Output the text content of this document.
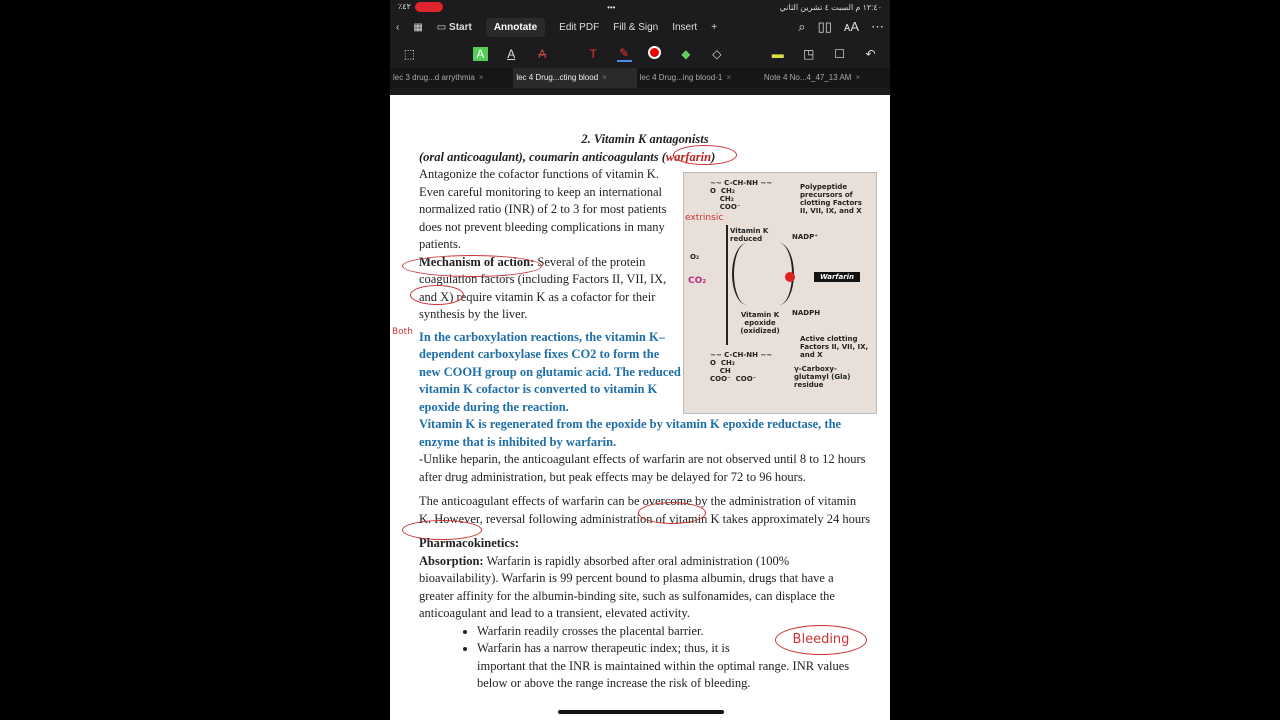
٪٤٢	•••	١٢:٤٠ م السبت ٤ تشرين الثاني
‹ ▦ ▭ Start	Annotate	Edit PDF Fill & Sign Insert +	⌕ ▯▯ ᴀA ⋯
⬚	A A A	T	✎	◆ ◇	▬ ◳ ☐ ↶
lec 3 drug...d arrythmia ×	lec 4 Drug...cting blood ×	lec 4 Drug...ing blood-1 ×	Note 4 No...4_47_13 AM ×

2. Vitamin K antagonists

(oral anticoagulant), coumarin anticoagulants (warfarin)

Antagonize the cofactor functions of vitamin K. Even careful monitoring to keep an international normalized ratio (INR) of 2 to 3 for most patients does not prevent bleeding complications in many patients.

Mechanism of action: Several of the protein coagulation factors (including Factors II, VII, IX, and X) require vitamin K as a cofactor for their synthesis by the liver.

In the carboxylation reactions, the vitamin K–dependent carboxylase fixes CO2 to form the new COOH group on glutamic acid. The reduced vitamin K cofactor is converted to vitamin K epoxide during the reaction.

Vitamin K is regenerated from the epoxide by vitamin K epoxide reductase, the enzyme that is inhibited by warfarin.

-Unlike heparin, the anticoagulant effects of warfarin are not observed until 8 to 12 hours after drug administration, but peak effects may be delayed for 72 to 96 hours.

The anticoagulant effects of warfarin can be overcome by the administration of vitamin K. However, reversal following administration of vitamin K takes approximately 24 hours

Pharmacokinetics:

Absorption: Warfarin is rapidly absorbed after oral administration (100% bioavailability). Warfarin is 99 percent bound to plasma albumin, drugs that have a greater affinity for the albumin-binding site, such as sulfonamides, can displace the anticoagulant and lead to a transient, elevated activity.

Bleeding
• Warfarin readily crosses the placental barrier.
• Warfarin has a narrow therapeutic index; thus, it is important that the INR is maintained within the optimal range. INR values below or above the range increase the risk of bleeding.
~~ C-CH-NH ~~
O  CH₂
CH₂
COO⁻
Polypeptide precursors of clotting Factors II, VII, IX, and X
Vitamin K reduced	NADP⁺
O₂
CO₂	Warfarin
Vitamin K epoxide (oxidized)
NADPH
Active clotting Factors II, VII, IX, and X
~~ C-CH-NH ~~
O  CH₂
CH
COO⁻  COO⁻
γ-Carboxy-glutamyl (Gla) residue
extrinsic
Both
